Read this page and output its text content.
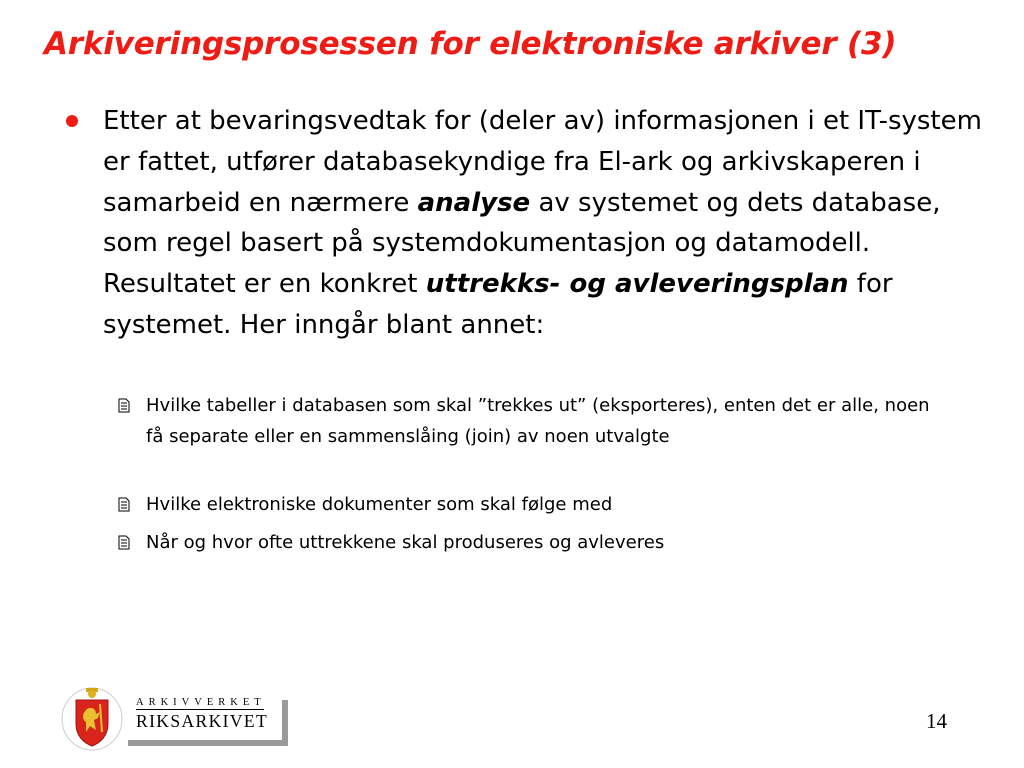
Arkiveringsprosessen for elektroniske arkiver (3)
Etter at bevaringsvedtak for (deler av) informasjonen i et IT-system er fattet, utfører databasekyndige fra El-ark og arkivskaperen i samarbeid en nærmere analyse av systemet og dets database, som regel basert på systemdokumentasjon og datamodell. Resultatet er en konkret uttrekks- og avleveringsplan for systemet. Her inngår blant annet:
Hvilke tabeller i databasen som skal ”trekkes ut” (eksporteres), enten det er alle, noen få separate eller en sammenslåing (join) av noen utvalgte
Hvilke elektroniske dokumenter som skal følge med
Når og hvor ofte uttrekkene skal produseres og avleveres
ARKIVVERKET
RIKSARKIVET	14
